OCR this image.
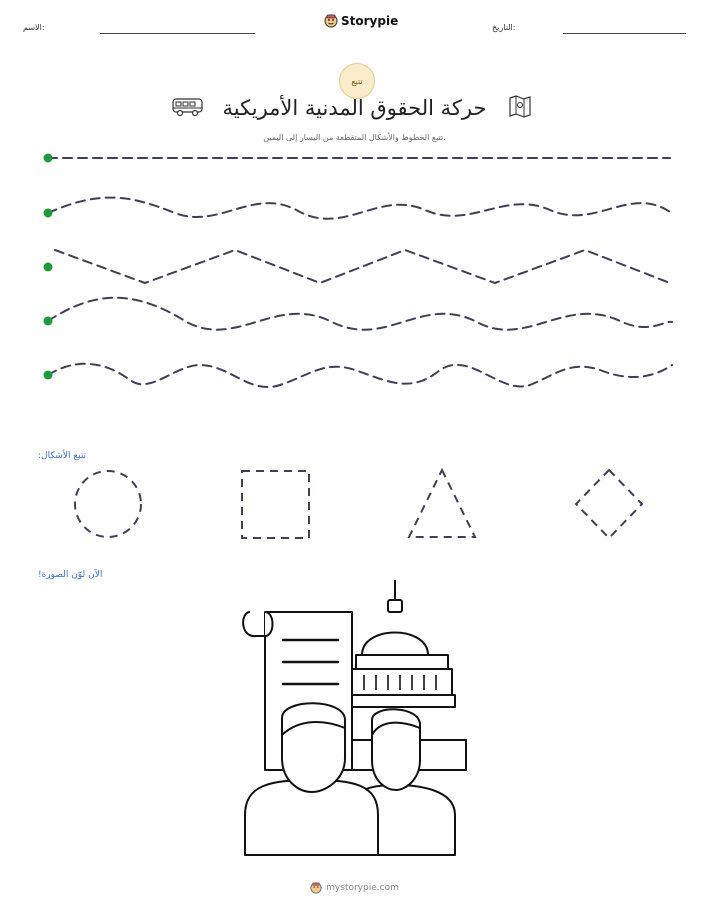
الاسم:	Storypie	التاريخ:
تتبع
حركة الحقوق المدنية الأمريكية
تتبع الخطوط والأشكال المتقطعة من اليسار إلى اليمين.
تتبع الأشكال:
الآن لوّن الصورة!
mystorypie.com
